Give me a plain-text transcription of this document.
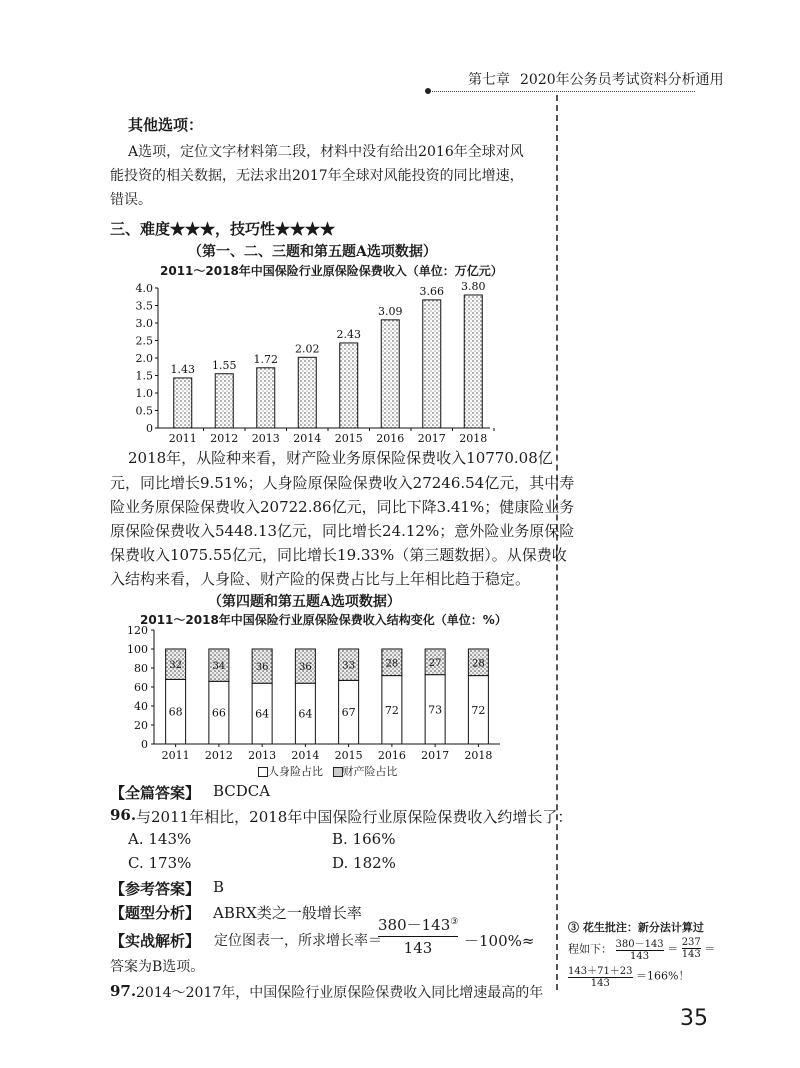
第七章 2020年公务员考试资料分析通用
其他选项：
A选项，定位文字材料第二段，材料中没有给出2016年全球对风
能投资的相关数据，无法求出2017年全球对风能投资的同比增速，
错误。
三、难度★★★，技巧性★★★★
（第一、二、三题和第五题A选项数据）
2011～2018年中国保险行业原保险保费收入（单位：万亿元）
0
0.5
1.0
1.5
2.0
2.5
3.0
3.5
4.0
2011 2012 2013 2014 2015 2016 2017 2018
1.43 1.55 1.72
2.02
2.43
3.09
3.66 3.80
2018年，从险种来看，财产险业务原保险保费收入10770.08亿
元，同比增长9.51%；人身险原保险保费收入27246.54亿元，其中寿
险业务原保险保费收入20722.86亿元，同比下降3.41%；健康险业务
原保险保费收入5448.13亿元，同比增长24.12%；意外险业务原保险
保费收入1075.55亿元，同比增长19.33%（第三题数据）。从保费收
入结构来看，人身险、财产险的保费占比与上年相比趋于稳定。
（第四题和第五题A选项数据）
2011～2018年中国保险行业原保险保费收入结构变化（单位：%）
0
20
40
60
80
100
120
2011 2012 2013 2014 2015 2016 2017 2018
68
32
66
34
64
36
64
36
67
33
72
28
73
27
72
28
人身险占比 财产险占比
【全篇答案】 BCDCA
96. 与2011年相比，2018年中国保险行业原保险保费收入约增长了：
A. 143%	B. 166%
C. 173%	D. 182%
【参考答案】 B
【题型分析】 ABRX类之一般增长率
【实战解析】 定位图表一，所求增长率＝
$\frac{380-143^③}{143} -100\%\approx$
答案为B选项。
97. 2014～2017年，中国保险行业原保险保费收入同比增速最高的年
③ 花生批注：新分法计算过
程如下： $\frac{380-143}{143} = \frac{237}{143}$ ＝
$\frac{143+71+23}{143} =166\%$！
35
